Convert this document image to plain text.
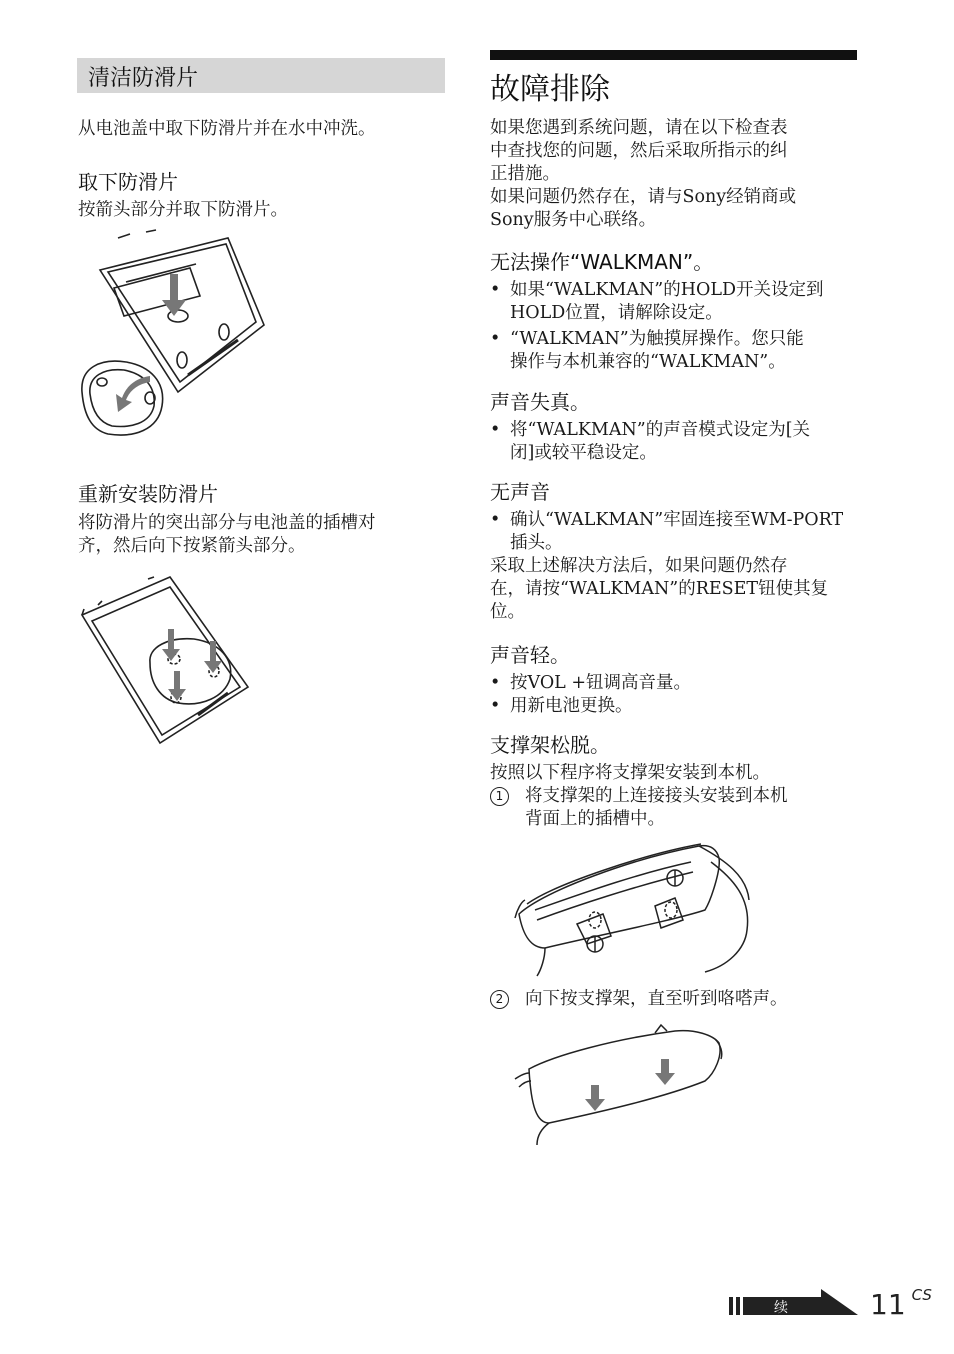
清洁防滑片
从电池盖中取下防滑片并在水中冲洗。
取下防滑片
按箭头部分并取下防滑片。
重新安装防滑片
将防滑片的突出部分与电池盖的插槽对
齐，然后向下按紧箭头部分。
故障排除
如果您遇到系统问题，请在以下检查表
中查找您的问题，然后采取所指示的纠
正措施。
如果问题仍然存在，请与Sony经销商或
Sony服务中心联络。
无法操作“WALKMAN”。
• 如果“WALKMAN”的HOLD开关设定到
HOLD位置，请解除设定。
• “WALKMAN”为触摸屏操作。您只能
操作与本机兼容的“WALKMAN”。
声音失真。
• 将“WALKMAN”的声音模式设定为[关
闭]或较平稳设定。
无声音
• 确认“WALKMAN”牢固连接至WM-PORT
插头。
采取上述解决方法后，如果问题仍然存
在，请按“WALKMAN”的RESET钮使其复
位。
声音轻。
• 按VOL +钮调高音量。
• 用新电池更换。
支撑架松脱。
按照以下程序将支撑架安装到本机。
1	将支撑架的上连接接头安装到本机
背面上的插槽中。
2	向下按支撑架，直至听到咯嗒声。
续	11 $^{CS}$
